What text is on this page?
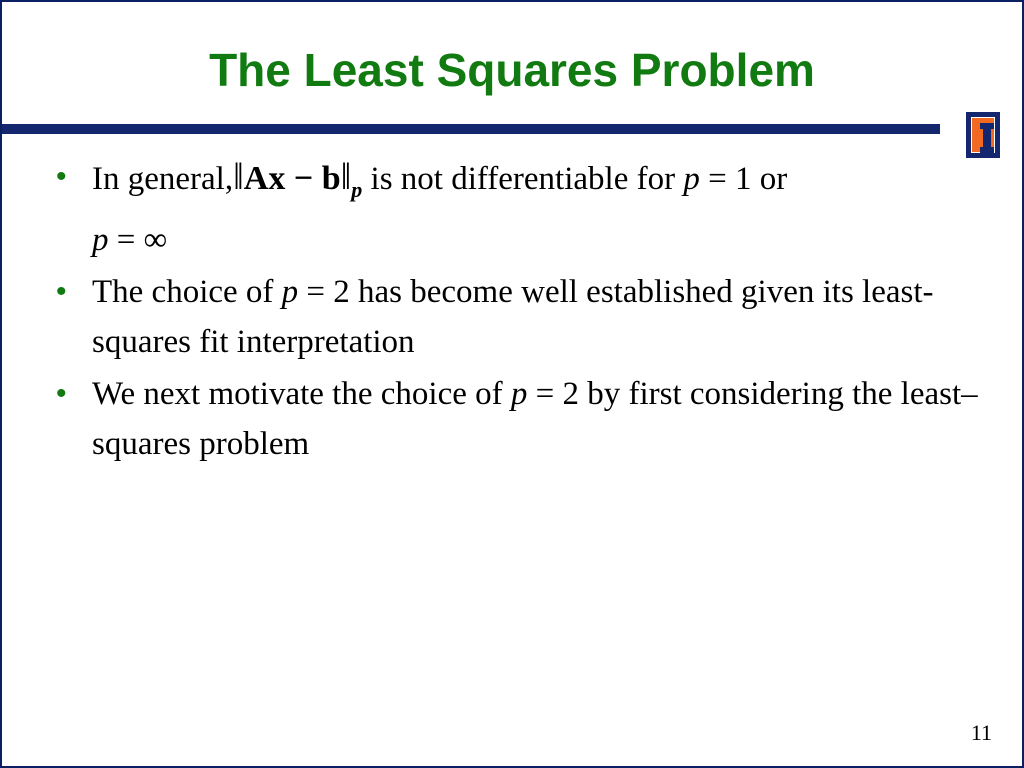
The Least Squares Problem
• In general,‖Ax − $b‖_p$ is not differentiable for p = 1 or
p = ∞
• The choice of p = 2 has become well established given its least-squares fit interpretation
• We next motivate the choice of p = 2 by first considering the least–squares problem
11
